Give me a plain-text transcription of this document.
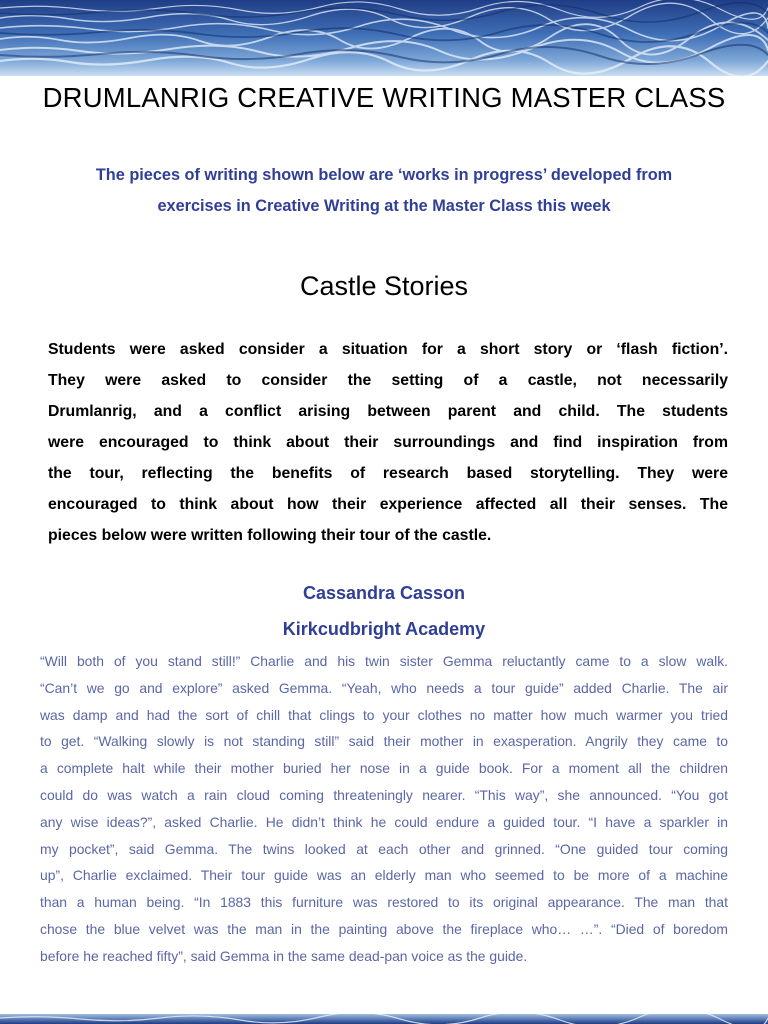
DRUMLANRIG CREATIVE WRITING MASTER CLASS
The pieces of writing shown below are ‘works in progress’ developed from
exercises in Creative Writing at the Master Class this week
Castle Stories
Students were asked consider a situation for a short story or ‘flash fiction’.
They were asked to consider the setting of a castle, not necessarily
Drumlanrig, and a conflict arising between parent and child. The students
were encouraged to think about their surroundings and find inspiration from
the tour, reflecting the benefits of research based storytelling. They were
encouraged to think about how their experience affected all their senses. The
pieces below were written following their tour of the castle.
Cassandra Casson
Kirkcudbright Academy
“Will both of you stand still!” Charlie and his twin sister Gemma reluctantly came to a slow walk.
“Can’t we go and explore” asked Gemma. “Yeah, who needs a tour guide” added Charlie. The air
was damp and had the sort of chill that clings to your clothes no matter how much warmer you tried
to get. “Walking slowly is not standing still” said their mother in exasperation. Angrily they came to
a complete halt while their mother buried her nose in a guide book. For a moment all the children
could do was watch a rain cloud coming threateningly nearer. “This way”, she announced. “You got
any wise ideas?”, asked Charlie. He didn’t think he could endure a guided tour. “I have a sparkler in
my pocket”, said Gemma. The twins looked at each other and grinned. “One guided tour coming
up”, Charlie exclaimed. Their tour guide was an elderly man who seemed to be more of a machine
than a human being. “In 1883 this furniture was restored to its original appearance. The man that
chose the blue velvet was the man in the painting above the fireplace who… …”. “Died of boredom
before he reached fifty”, said Gemma in the same dead-pan voice as the guide.
